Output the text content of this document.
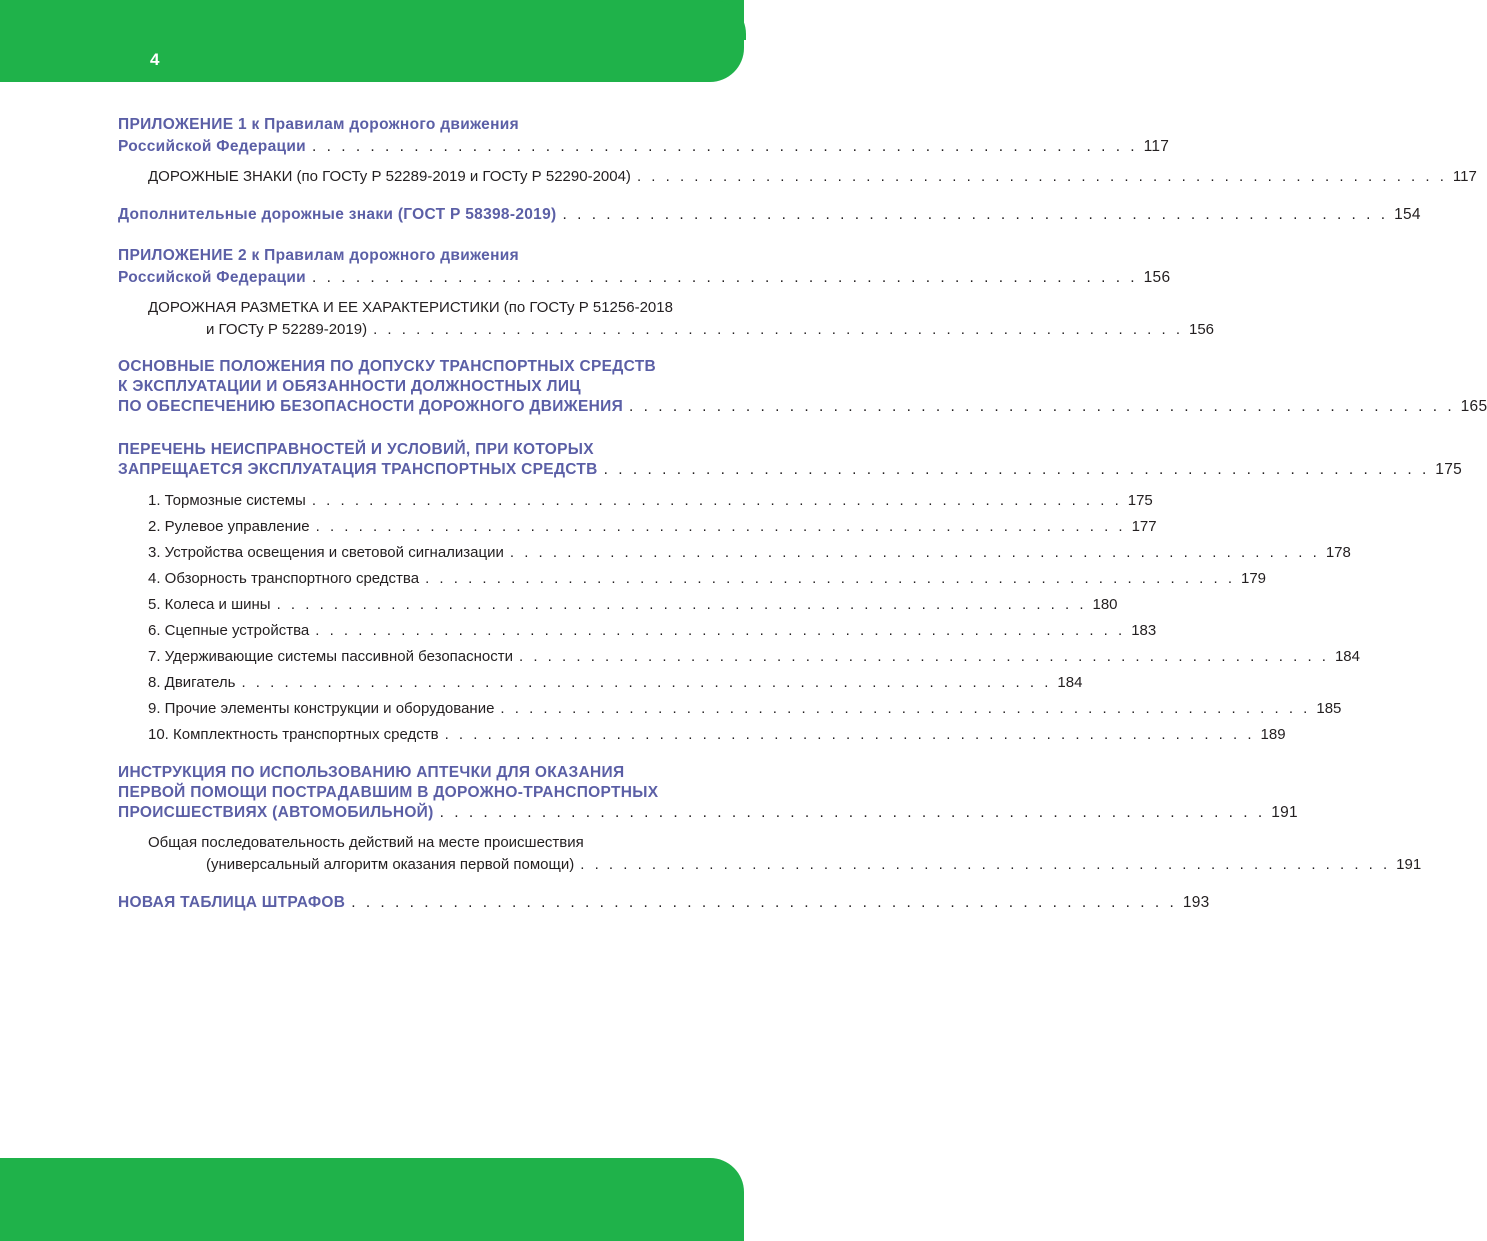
4
ПРИЛОЖЕНИЕ 1 к Правилам дорожного движения
Российской Федерации . . . . . . . . . . . . . . . . . . . . . . . . . . . . . . . . . . . . . . . . . . . . . . . . . . . . . . . . . 117
ДОРОЖНЫЕ ЗНАКИ (по ГОСТу Р 52289-2019 и ГОСТу Р 52290-2004) . . . . . . . . . . . . . . . . . . . . . . . . . . . . . . . . . . . . . . . . . . . . . . . . . . . . . . . . . 117
Дополнительные дорожные знаки (ГОСТ Р 58398-2019) . . . . . . . . . . . . . . . . . . . . . . . . . . . . . . . . . . . . . . . . . . . . . . . . . . . . . . . . . 154
ПРИЛОЖЕНИЕ 2 к Правилам дорожного движения
Российской Федерации . . . . . . . . . . . . . . . . . . . . . . . . . . . . . . . . . . . . . . . . . . . . . . . . . . . . . . . . . 156
ДОРОЖНАЯ РАЗМЕТКА И ЕЕ ХАРАКТЕРИСТИКИ (по ГОСТу Р 51256-2018
и ГОСТу Р 52289-2019) . . . . . . . . . . . . . . . . . . . . . . . . . . . . . . . . . . . . . . . . . . . . . . . . . . . . . . . . . 156
ОСНОВНЫЕ ПОЛОЖЕНИЯ ПО ДОПУСКУ ТРАНСПОРТНЫХ СРЕДСТВ
К ЭКСПЛУАТАЦИИ И ОБЯЗАННОСТИ ДОЛЖНОСТНЫХ ЛИЦ
ПО ОБЕСПЕЧЕНИЮ БЕЗОПАСНОСТИ ДОРОЖНОГО ДВИЖЕНИЯ . . . . . . . . . . . . . . . . . . . . . . . . . . . . . . . . . . . . . . . . . . . . . . . . . . . . . . . . . 165
ПЕРЕЧЕНЬ НЕИСПРАВНОСТЕЙ И УСЛОВИЙ, ПРИ КОТОРЫХ
ЗАПРЕЩАЕТСЯ ЭКСПЛУАТАЦИЯ ТРАНСПОРТНЫХ СРЕДСТВ . . . . . . . . . . . . . . . . . . . . . . . . . . . . . . . . . . . . . . . . . . . . . . . . . . . . . . . . . 175
1. Тормозные системы . . . . . . . . . . . . . . . . . . . . . . . . . . . . . . . . . . . . . . . . . . . . . . . . . . . . . . . . . 175
2. Рулевое управление . . . . . . . . . . . . . . . . . . . . . . . . . . . . . . . . . . . . . . . . . . . . . . . . . . . . . . . . . 177
3. Устройства освещения и световой сигнализации . . . . . . . . . . . . . . . . . . . . . . . . . . . . . . . . . . . . . . . . . . . . . . . . . . . . . . . . . 178
4. Обзорность транспортного средства . . . . . . . . . . . . . . . . . . . . . . . . . . . . . . . . . . . . . . . . . . . . . . . . . . . . . . . . . 179
5. Колеса и шины . . . . . . . . . . . . . . . . . . . . . . . . . . . . . . . . . . . . . . . . . . . . . . . . . . . . . . . . . 180
6. Сцепные устройства . . . . . . . . . . . . . . . . . . . . . . . . . . . . . . . . . . . . . . . . . . . . . . . . . . . . . . . . . 183
7. Удерживающие системы пассивной безопасности . . . . . . . . . . . . . . . . . . . . . . . . . . . . . . . . . . . . . . . . . . . . . . . . . . . . . . . . . 184
8. Двигатель . . . . . . . . . . . . . . . . . . . . . . . . . . . . . . . . . . . . . . . . . . . . . . . . . . . . . . . . . 184
9. Прочие элементы конструкции и оборудование . . . . . . . . . . . . . . . . . . . . . . . . . . . . . . . . . . . . . . . . . . . . . . . . . . . . . . . . . 185
10. Комплектность транспортных средств . . . . . . . . . . . . . . . . . . . . . . . . . . . . . . . . . . . . . . . . . . . . . . . . . . . . . . . . . 189
ИНСТРУКЦИЯ ПО ИСПОЛЬЗОВАНИЮ АПТЕЧКИ ДЛЯ ОКАЗАНИЯ
ПЕРВОЙ ПОМОЩИ ПОСТРАДАВШИМ В ДОРОЖНО-ТРАНСПОРТНЫХ
ПРОИСШЕСТВИЯХ (АВТОМОБИЛЬНОЙ) . . . . . . . . . . . . . . . . . . . . . . . . . . . . . . . . . . . . . . . . . . . . . . . . . . . . . . . . . 191
Общая последовательность действий на месте происшествия
(универсальный алгоритм оказания первой помощи) . . . . . . . . . . . . . . . . . . . . . . . . . . . . . . . . . . . . . . . . . . . . . . . . . . . . . . . . . 191
НОВАЯ ТАБЛИЦА ШТРАФОВ . . . . . . . . . . . . . . . . . . . . . . . . . . . . . . . . . . . . . . . . . . . . . . . . . . . . . . . . . 193
